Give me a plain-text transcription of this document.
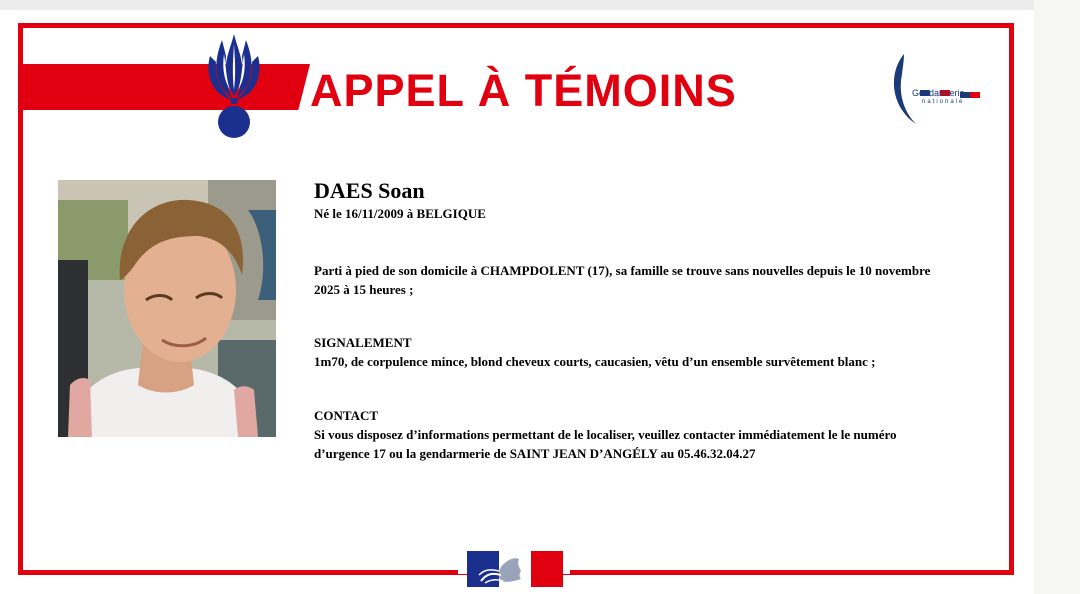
APPEL À TÉMOINS	Gendarmerie
nationale
DAES Soan
Né le 16/11/2009 à BELGIQUE
Parti à pied de son domicile à CHAMPDOLENT (17), sa famille se trouve sans nouvelles depuis le 10 novembre 2025 à 15 heures ;
SIGNALEMENT
1m70, de corpulence mince, blond cheveux courts, caucasien, vêtu d’un ensemble survêtement blanc ;
CONTACT
Si vous disposez d’informations permettant de le localiser, veuillez contacter immédiatement le le numéro d’urgence 17 ou la gendarmerie de SAINT JEAN D’ANGÉLY au 05.46.32.04.27
